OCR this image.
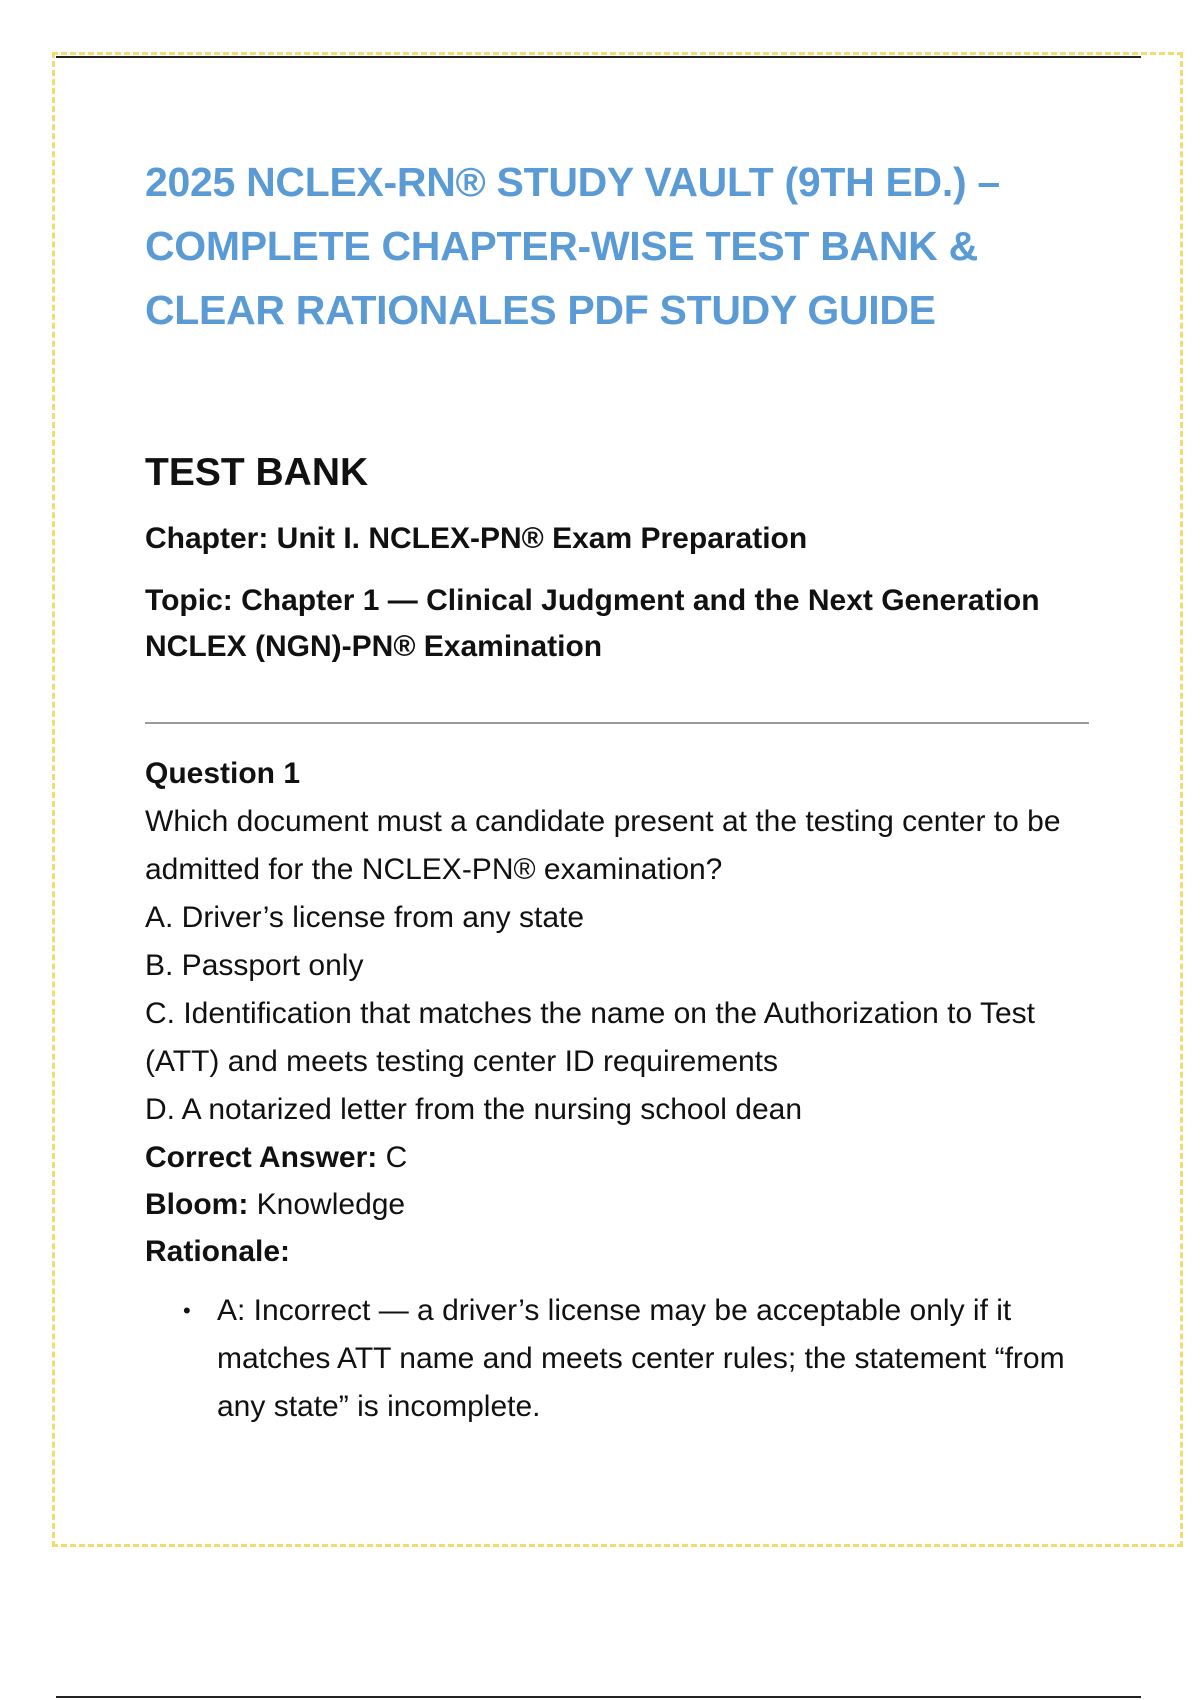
2025 NCLEX-RN® STUDY VAULT (9TH ED.) –
COMPLETE CHAPTER-WISE TEST BANK &
CLEAR RATIONALES PDF STUDY GUIDE
TEST BANK

Chapter: Unit I. NCLEX-PN® Exam Preparation

Topic: Chapter 1 — Clinical Judgment and the Next Generation NCLEX (NGN)-PN® Examination

Question 1

Which document must a candidate present at the testing center to be admitted for the NCLEX-PN® examination?

A. Driver’s license from any state

B. Passport only

C. Identification that matches the name on the Authorization to Test (ATT) and meets testing center ID requirements

D. A notarized letter from the nursing school dean

Correct Answer: C

Bloom: Knowledge

Rationale:

• A: Incorrect — a driver’s license may be acceptable only if it matches ATT name and meets center rules; the statement “from any state” is incomplete.
